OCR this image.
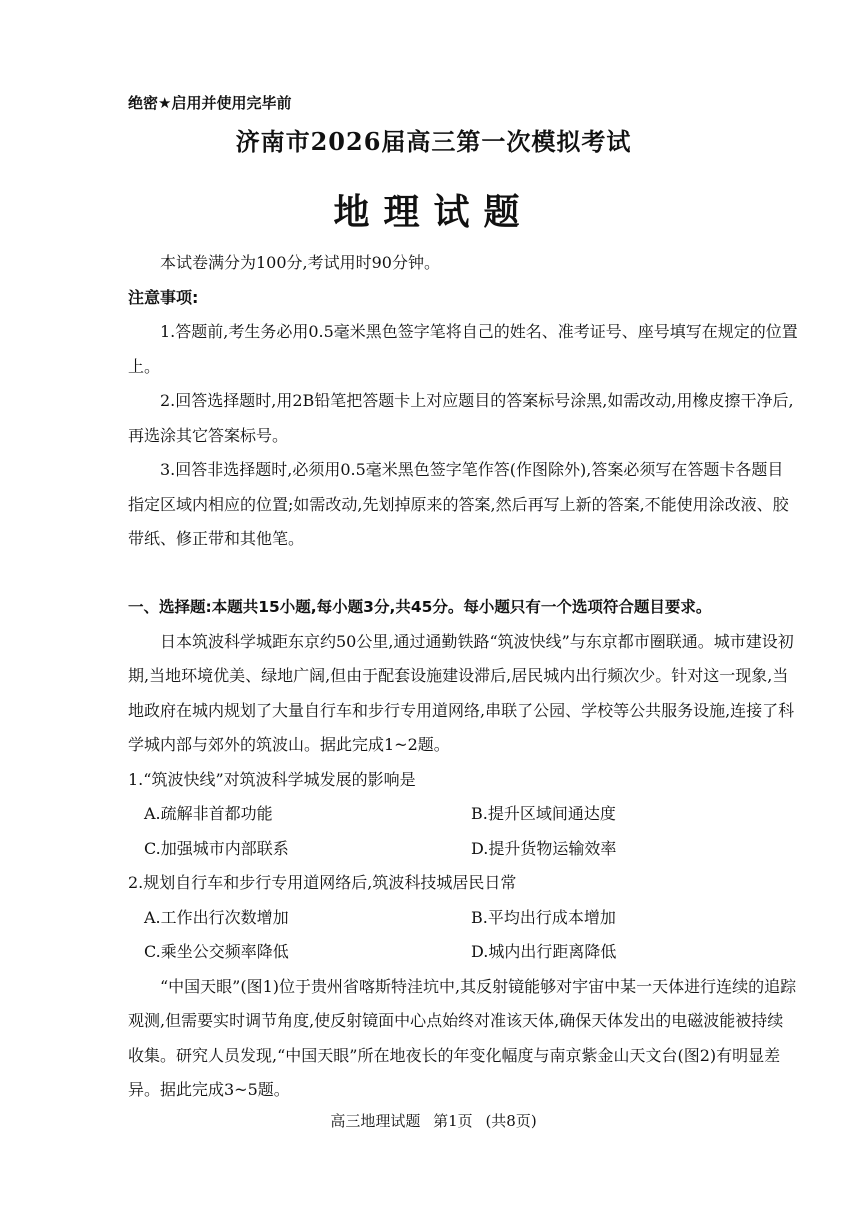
绝密★启用并使用完毕前
济南市2026届高三第一次模拟考试
地理试题

本试卷满分为100分,考试用时90分钟。

注意事项:

1.答题前,考生务必用0.5毫米黑色签字笔将自己的姓名、准考证号、座号填写在规定的位置上。

2.回答选择题时,用2B铅笔把答题卡上对应题目的答案标号涂黑,如需改动,用橡皮擦干净后,再选涂其它答案标号。

3.回答非选择题时,必须用0.5毫米黑色签字笔作答(作图除外),答案必须写在答题卡各题目指定区域内相应的位置;如需改动,先划掉原来的答案,然后再写上新的答案,不能使用涂改液、胶带纸、修正带和其他笔。

一、选择题:本题共15小题,每小题3分,共45分。每小题只有一个选项符合题目要求。

日本筑波科学城距东京约50公里,通过通勤铁路“筑波快线”与东京都市圈联通。城市建设初期,当地环境优美、绿地广阔,但由于配套设施建设滞后,居民城内出行频次少。针对这一现象,当地政府在城内规划了大量自行车和步行专用道网络,串联了公园、学校等公共服务设施,连接了科学城内部与郊外的筑波山。据此完成1~2题。

1.“筑波快线”对筑波科学城发展的影响是

A.疏解非首都功能	B.提升区域间通达度
C.加强城市内部联系	D.提升货物运输效率

2.规划自行车和步行专用道网络后,筑波科技城居民日常

A.工作出行次数增加	B.平均出行成本增加
C.乘坐公交频率降低	D.城内出行距离降低

“中国天眼”(图1)位于贵州省喀斯特洼坑中,其反射镜能够对宇宙中某一天体进行连续的追踪观测,但需要实时调节角度,使反射镜面中心点始终对准该天体,确保天体发出的电磁波能被持续收集。研究人员发现,“中国天眼”所在地夜长的年变化幅度与南京紫金山天文台(图2)有明显差异。据此完成3~5题。

高三地理试题 第1页 (共8页)
